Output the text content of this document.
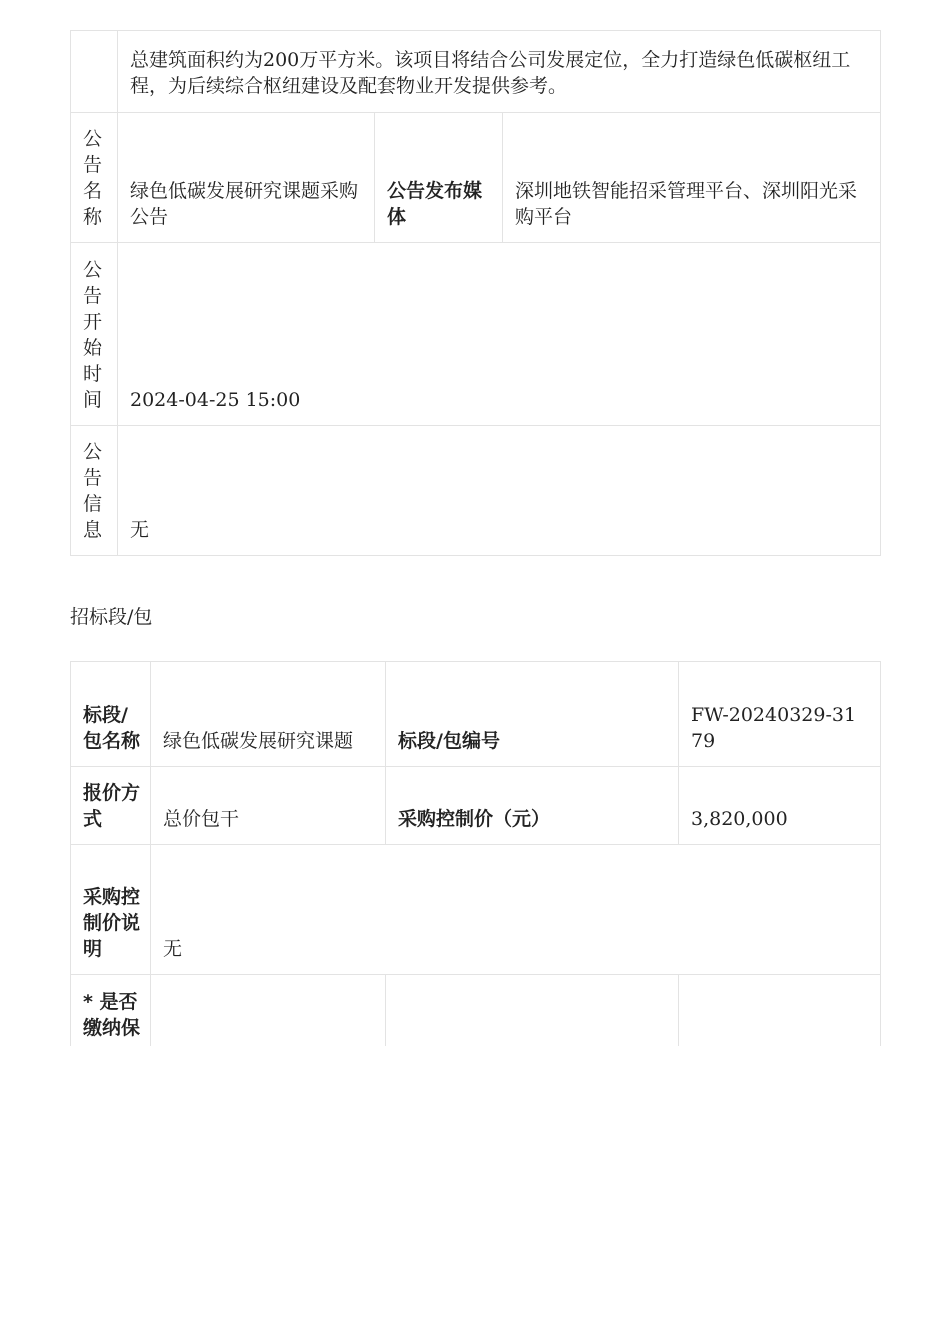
	总建筑面积约为200万平方米。该项目将结合公司发展定位，全力打造绿色低碳枢纽工程，为后续综合枢纽建设及配套物业开发提供参考。		
公告名称	绿色低碳发展研究课题采购公告	公告发布媒体	深圳地铁智能招采管理平台、深圳阳光采购平台
公告开始时间	2024-04-25 15:00		
公告信息	无		
招标段/包
标段/包名称	绿色低碳发展研究课题	标段/包编号	FW-20240329-3179
报价方式	总价包干	采购控制价（元）	3,820,000
采购控制价说明	无		
* 是否缴纳保			
